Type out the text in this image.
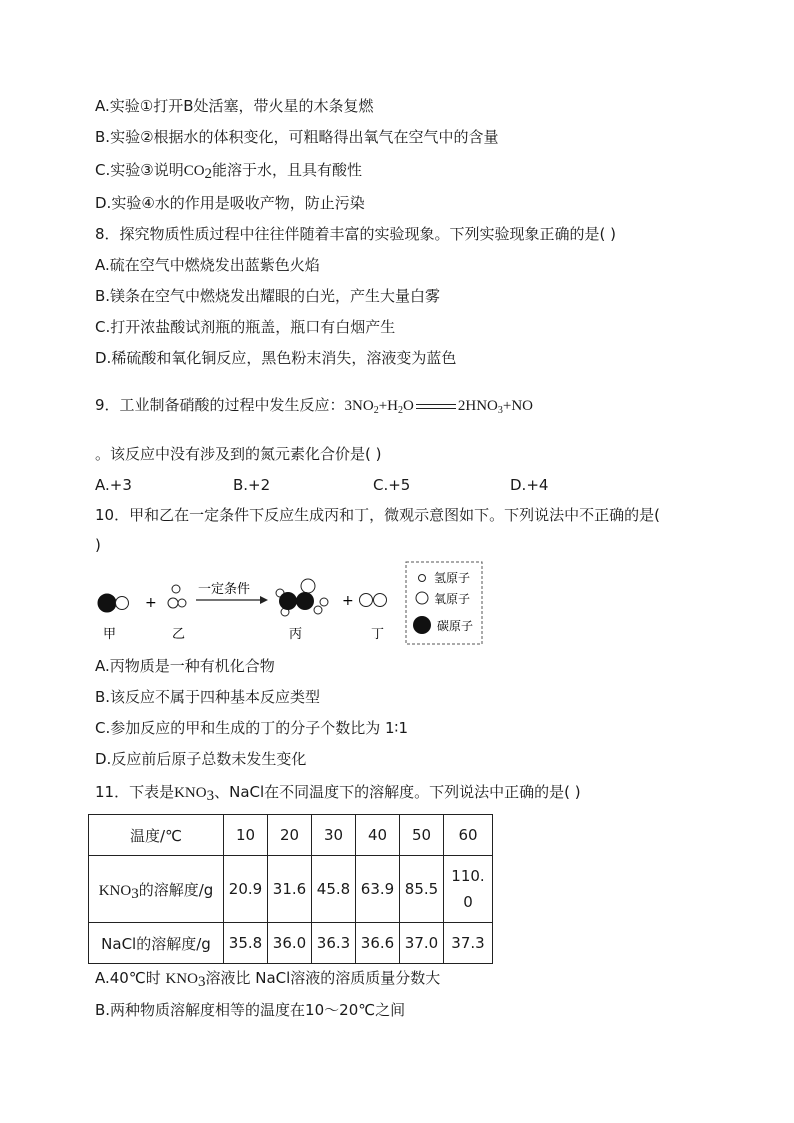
A.实验①打开B处活塞，带火星的木条复燃
B.实验②根据水的体积变化，可粗略得出氧气在空气中的含量
C.实验③说明$CO_2$能溶于水，且具有酸性
D.实验④水的作用是吸收产物，防止污染
8．探究物质性质过程中往往伴随着丰富的实验现象。下列实验现象正确的是( )
A.硫在空气中燃烧发出蓝紫色火焰
B.镁条在空气中燃烧发出耀眼的白光，产生大量白雾
C.打开浓盐酸试剂瓶的瓶盖，瓶口有白烟产生
D.稀硫酸和氧化铜反应，黑色粉末消失，溶液变为蓝色
9．工业制备硝酸的过程中发生反应：$3NO_2+H_2O$	$2HNO_3+NO$
。该反应中没有涉及到的氮元素化合价是( )
A.+3	B.+2	C.+5	D.+4
10．甲和乙在一定条件下反应生成丙和丁，微观示意图如下。下列说法中不正确的是(
)
+
一定条件
+
甲	乙	丙	丁
氢原子
氧原子
碳原子
A.丙物质是一种有机化合物
B.该反应不属于四种基本反应类型
C.参加反应的甲和生成的丁的分子个数比为 1∶1
D.反应前后原子总数未发生变化
11．下表是$KNO_3$、NaCl在不同温度下的溶解度。下列说法中正确的是( )
温度/℃	10	20	30	40	50	60
$KNO_3$的溶解度/g	20.9	31.6	45.8	63.9	85.5	110.0
NaCl的溶解度/g	35.8	36.0	36.3	36.6	37.0	37.3
A.40℃时 $KNO_3$溶液比 NaCl溶液的溶质质量分数大
B.两种物质溶解度相等的温度在10～20℃之间
